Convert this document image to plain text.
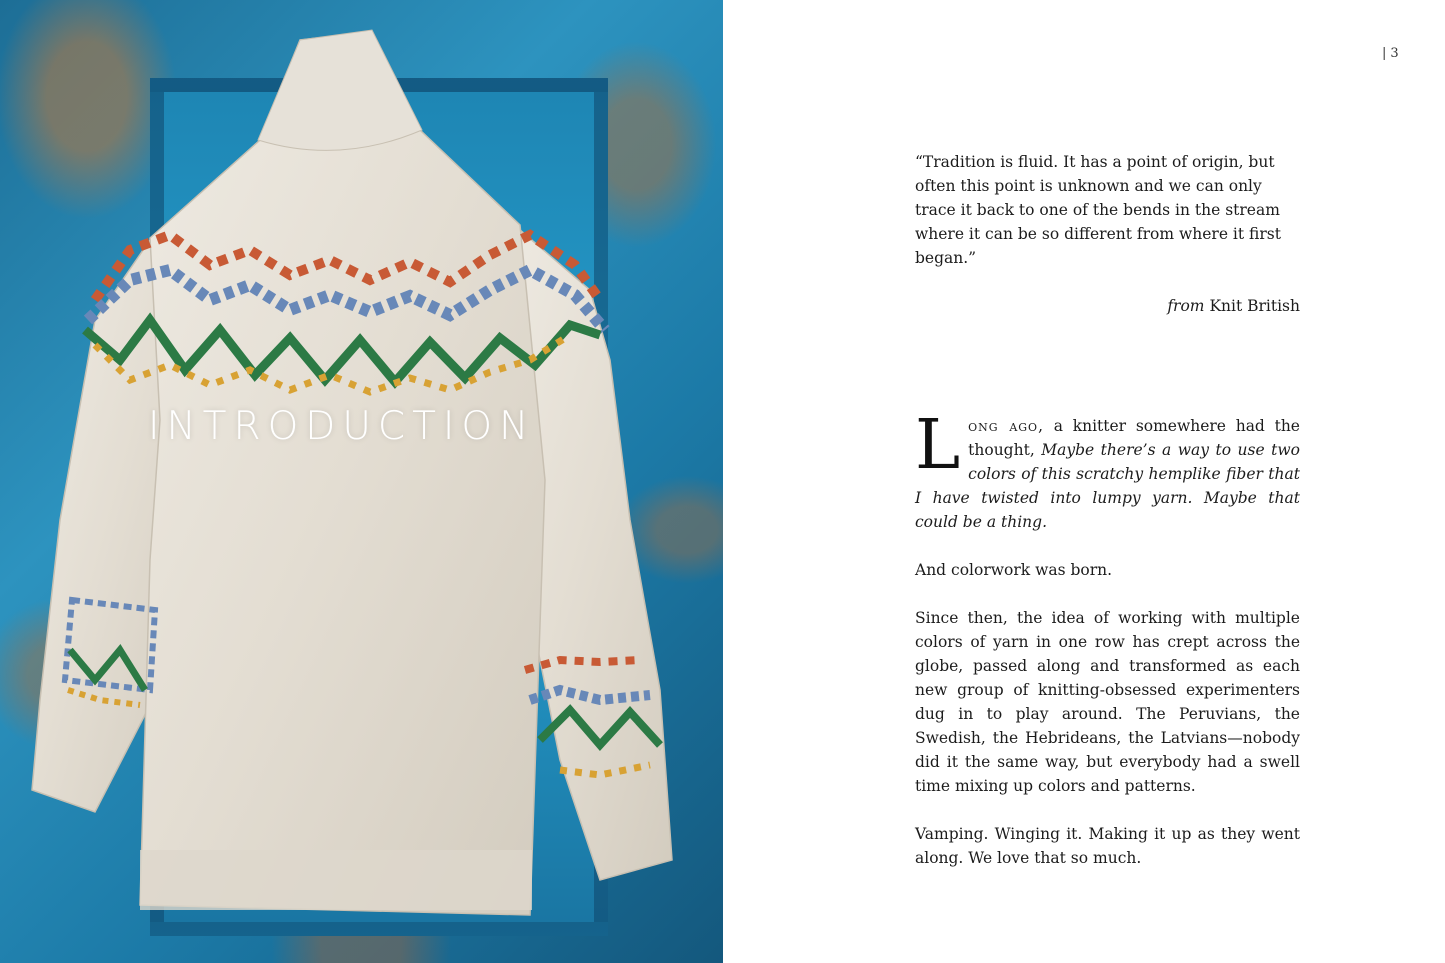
INTRODUCTION
| 3

“Tradition is fluid. It has a point of origin, but often this point is unknown and we can only trace it back to one of the bends in the stream where it can be so different from where it first began.”

from Knit British

Long ago, a knitter somewhere had the thought, Maybe there’s a way to use two colors of this scratchy hemplike fiber that I have twisted into lumpy yarn. Maybe that could be a thing.

And colorwork was born.

Since then, the idea of working with multiple colors of yarn in one row has crept across the globe, passed along and transformed as each new group of knitting-obsessed experimenters dug in to play around. The Peruvians, the Swedish, the Hebrideans, the Latvians—nobody did it the same way, but everybody had a swell time mixing up colors and patterns.

Vamping. Winging it. Making it up as they went along. We love that so much.
